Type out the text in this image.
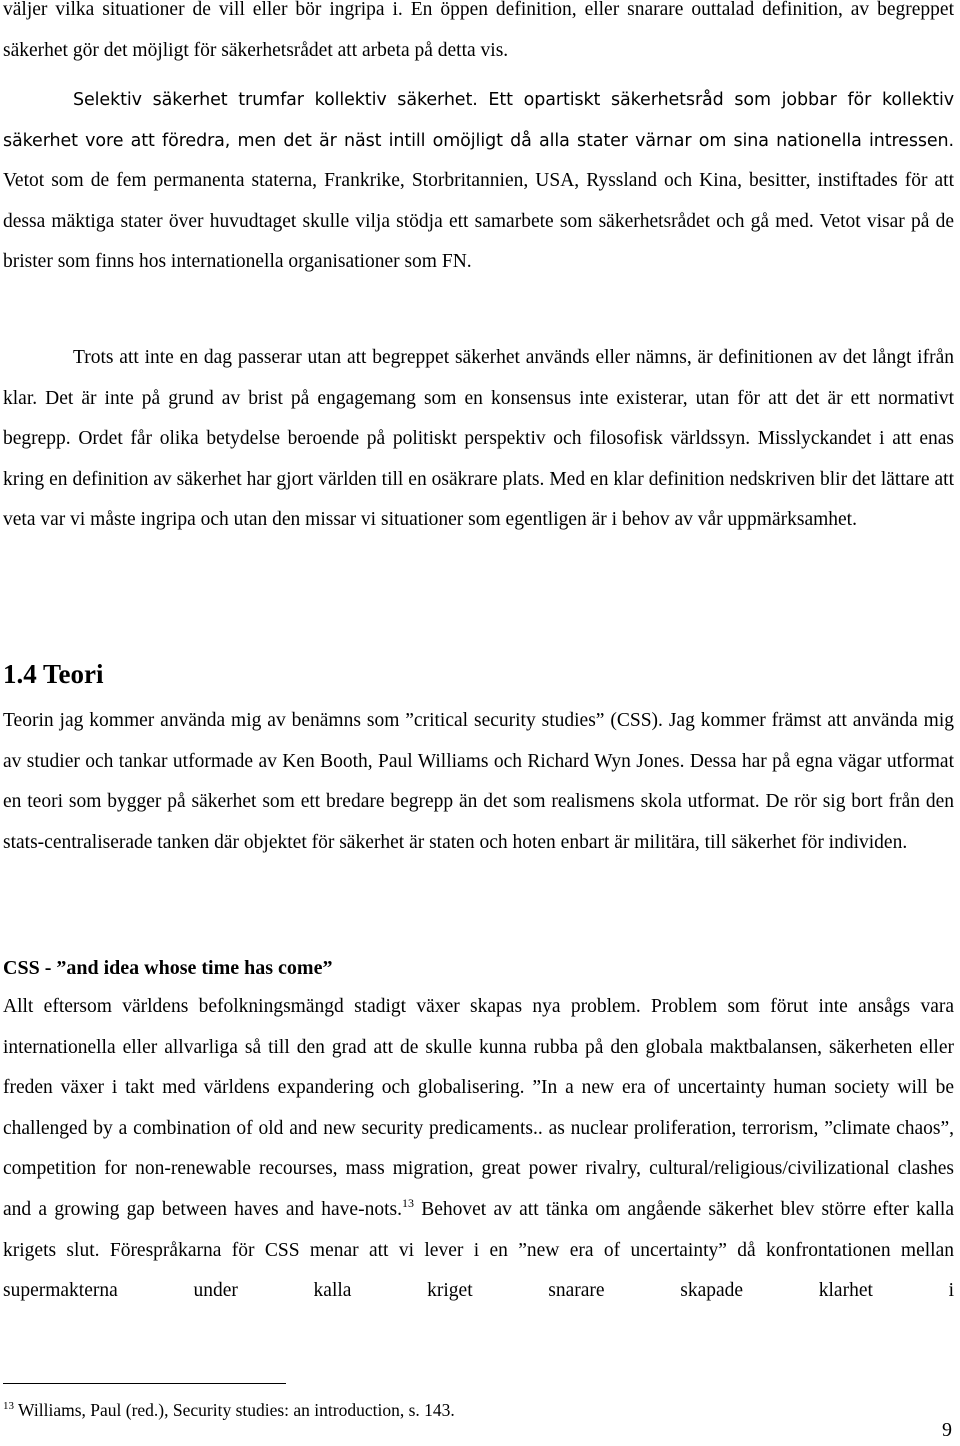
väljer vilka situationer de vill eller bör ingripa i. En öppen definition, eller snarare outtalad definition, av begreppet säkerhet gör det möjligt för säkerhetsrådet att arbeta på detta vis.

Selektiv säkerhet trumfar kollektiv säkerhet. Ett opartiskt säkerhetsråd som jobbar för kollektiv säkerhet vore att föredra, men det är näst intill omöjligt då alla stater värnar om sina nationella intressen. Vetot som de fem permanenta staterna, Frankrike, Storbritannien, USA, Ryssland och Kina, besitter, instiftades för att dessa mäktiga stater över huvudtaget skulle vilja stödja ett samarbete som säkerhetsrådet och gå med. Vetot visar på de brister som finns hos internationella organisationer som FN.

Trots att inte en dag passerar utan att begreppet säkerhet används eller nämns, är definitionen av det långt ifrån klar. Det är inte på grund av brist på engagemang som en konsensus inte existerar, utan för att det är ett normativt begrepp. Ordet får olika betydelse beroende på politiskt perspektiv och filosofisk världssyn. Misslyckandet i att enas kring en definition av säkerhet har gjort världen till en osäkrare plats. Med en klar definition nedskriven blir det lättare att veta var vi måste ingripa och utan den missar vi situationer som egentligen är i behov av vår uppmärksamhet.

1.4 Teori

Teorin jag kommer använda mig av benämns som ”critical security studies” (CSS). Jag kommer främst att använda mig av studier och tankar utformade av Ken Booth, Paul Williams och Richard Wyn Jones. Dessa har på egna vägar utformat en teori som bygger på säkerhet som ett bredare begrepp än det som realismens skola utformat. De rör sig bort från den stats-centraliserade tanken där objektet för säkerhet är staten och hoten enbart är militära, till säkerhet för individen.

CSS - ”and idea whose time has come”

Allt eftersom världens befolkningsmängd stadigt växer skapas nya problem. Problem som förut inte ansågs vara internationella eller allvarliga så till den grad att de skulle kunna rubba på den globala maktbalansen, säkerheten eller freden växer i takt med världens expandering och globalisering. ”In a new era of uncertainty human society will be challenged by a combination of old and new security predicaments.. as nuclear proliferation, terrorism, ”climate chaos”, competition for non-renewable recourses, mass migration, great power rivalry, cultural/religious/civilizational clashes and a growing gap between haves and have-nots.$^{13}$ Behovet av att tänka om angående säkerhet blev större efter kalla krigets slut. Förespråkarna för CSS menar att vi lever i en ”new era of uncertainty” då konfrontationen mellan supermakterna under kalla kriget snarare skapade klarhet i

$^{13}$ Williams, Paul (red.), Security studies: an introduction, s. 143.

9
